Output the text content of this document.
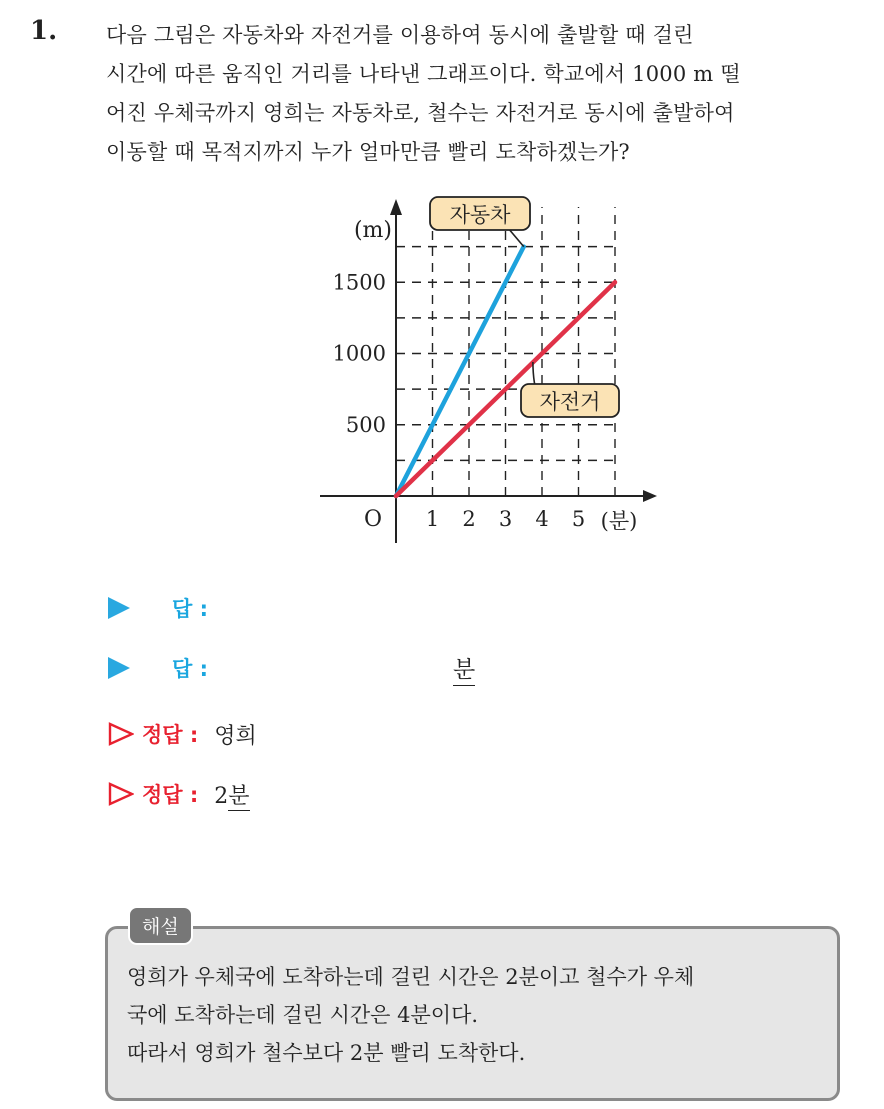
1. 다음 그림은 자동차와 자전거를 이용하여 동시에 출발할 때 걸린
시간에 따른 움직인 거리를 나타낸 그래프이다. 학교에서 1000 m 떨
어진 우체국까지 영희는 자동차로, 철수는 자전거로 동시에 출발하여
이동할 때 목적지까지 누가 얼마만큼 빨리 도착하겠는가?

1 2 3 4 5
500
1000
1500
O
(m)
(분)
자동차
자전거
답 :
답 :	분
정답 : 영희
정답 : 2분
해설

영희가 우체국에 도착하는데 걸린 시간은 2분이고 철수가 우체
국에 도착하는데 걸린 시간은 4분이다.
따라서 영희가 철수보다 2분 빨리 도착한다.
